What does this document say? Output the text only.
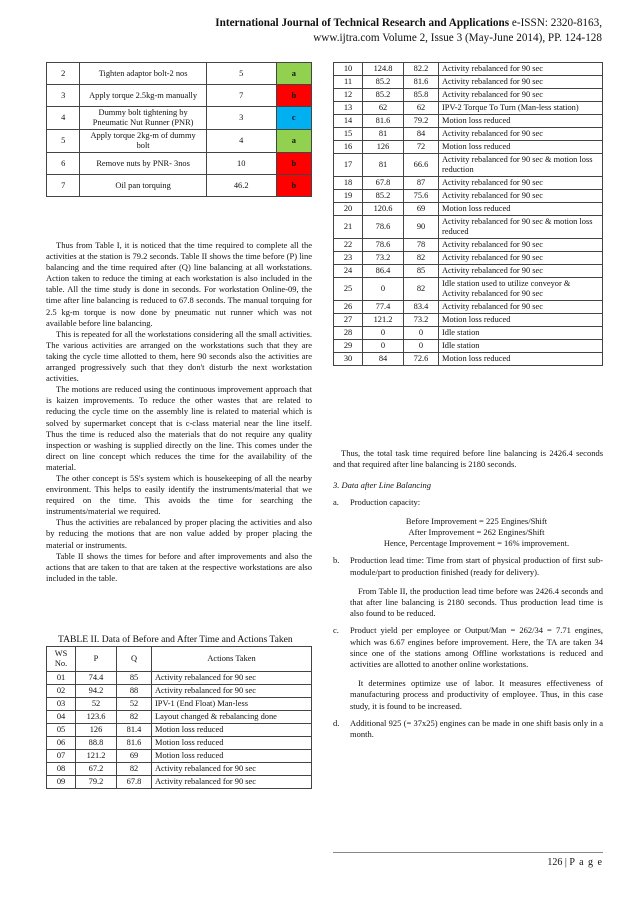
International Journal of Technical Research and Applications e-ISSN: 2320-8163,
www.ijtra.com Volume 2, Issue 3 (May-June 2014), PP. 124-128
2	Tighten adaptor bolt-2 nos	5	a
3	Apply torque 2.5kg-m manually	7	b
4	Dummy bolt tightening by Pneumatic Nut Runner (PNR)	3	c
5	Apply torque 2kg-m of dummy bolt	4	a
6	Remove nuts by PNR- 3nos	10	b
7	Oil pan torquing	46.2	b
10	124.8	82.2	Activity rebalanced for 90 sec
11	85.2	81.6	Activity rebalanced for 90 sec
12	85.2	85.8	Activity rebalanced for 90 sec
13	62	62	IPV-2 Torque To Turn (Man-less station)
14	81.6	79.2	Motion loss reduced
15	81	84	Activity rebalanced for 90 sec
16	126	72	Motion loss reduced
17	81	66.6	Activity rebalanced for 90 sec & motion loss reduction
18	67.8	87	Activity rebalanced for 90 sec
19	85.2	75.6	Activity rebalanced for 90 sec
20	120.6	69	Motion loss reduced
21	78.6	90	Activity rebalanced for 90 sec & motion loss reduced
22	78.6	78	Activity rebalanced for 90 sec
23	73.2	82	Activity rebalanced for 90 sec
24	86.4	85	Activity rebalanced for 90 sec
25	0	82	Idle station used to utilize conveyor & Activity rebalanced for 90 sec
26	77.4	83.4	Activity rebalanced for 90 sec
27	121.2	73.2	Motion loss reduced
28	0	0	Idle station
29	0	0	Idle station
30	84	72.6	Motion loss reduced

Thus from Table I, it is noticed that the time required to complete all the activities at the station is 79.2 seconds. Table II shows the time before (P) line balancing and the time required after (Q) line balancing at all workstations. Action taken to reduce the timing at each workstation is also included in the table. All the time study is done in seconds. For workstation Online-09, the time after line balancing is reduced to 67.8 seconds. The manual torquing for 2.5 kg-m torque is now done by pneumatic nut runner which was not available before line balancing.

This is repeated for all the workstations considering all the small activities. The various activities are arranged on the workstations such that they are taking the cycle time allotted to them, here 90 seconds also the activities are arranged progressively such that they don't disturb the next workstation activities.

The motions are reduced using the continuous improvement approach that is kaizen improvements. To reduce the other wastes that are related to reducing the cycle time on the assembly line is related to material which is solved by supermarket concept that is c-class material near the line itself. Thus the time is reduced also the materials that do not require any quality inspection or washing is supplied directly on the line. This comes under the direct on line concept which reduces the time for the availability of the material.

The other concept is 5S's system which is housekeeping of all the nearby environment. This helps to easily identify the instruments/material that we required on the time. This avoids the time for searching the instruments/material we required.

Thus the activities are rebalanced by proper placing the activities and also by reducing the motions that are non value added by proper placing the material or instruments.

Table II shows the times for before and after improvements and also the actions that are taken to that are taken at the respective workstations are also included in the table.

TABLE II. Data of Before and After Time and Actions Taken
WS No.	P	Q	Actions Taken
01	74.4	85	Activity rebalanced for 90 sec
02	94.2	88	Activity rebalanced for 90 sec
03	52	52	IPV-1 (End Float) Man-less
04	123.6	82	Layout changed & rebalancing done
05	126	81.4	Motion loss reduced
06	88.8	81.6	Motion loss reduced
07	121.2	69	Motion loss reduced
08	67.2	82	Activity rebalanced for 90 sec
09	79.2	67.8	Activity rebalanced for 90 sec

Thus, the total task time required before line balancing is 2426.4 seconds and that required after line balancing is 2180 seconds.

3. Data after Line Balancing

a.	Production capacity:
Before Improvement = 225 Engines/Shift
After Improvement = 262 Engines/Shift
Hence, Percentage Improvement = 16% improvement.
b.	Production lead time: Time from start of physical production of first sub-module/part to production finished (ready for delivery).
From Table II, the production lead time before was 2426.4 seconds and that after line balancing is 2180 seconds. Thus production lead time is also found to be reduced.
c.	Product yield per employee or Output/Man = 262/34 = 7.71 engines, which was 6.67 engines before improvement. Here, the TA are taken 34 since one of the stations among Offline workstations is reduced and activities are allotted to another online workstations.
It determines optimize use of labor. It measures effectiveness of manufacturing process and productivity of employee. Thus, in this case study, it is found to be increased.
d.	Additional 925 (= 37x25) engines can be made in one shift basis only in a month.
126 | P a g e
